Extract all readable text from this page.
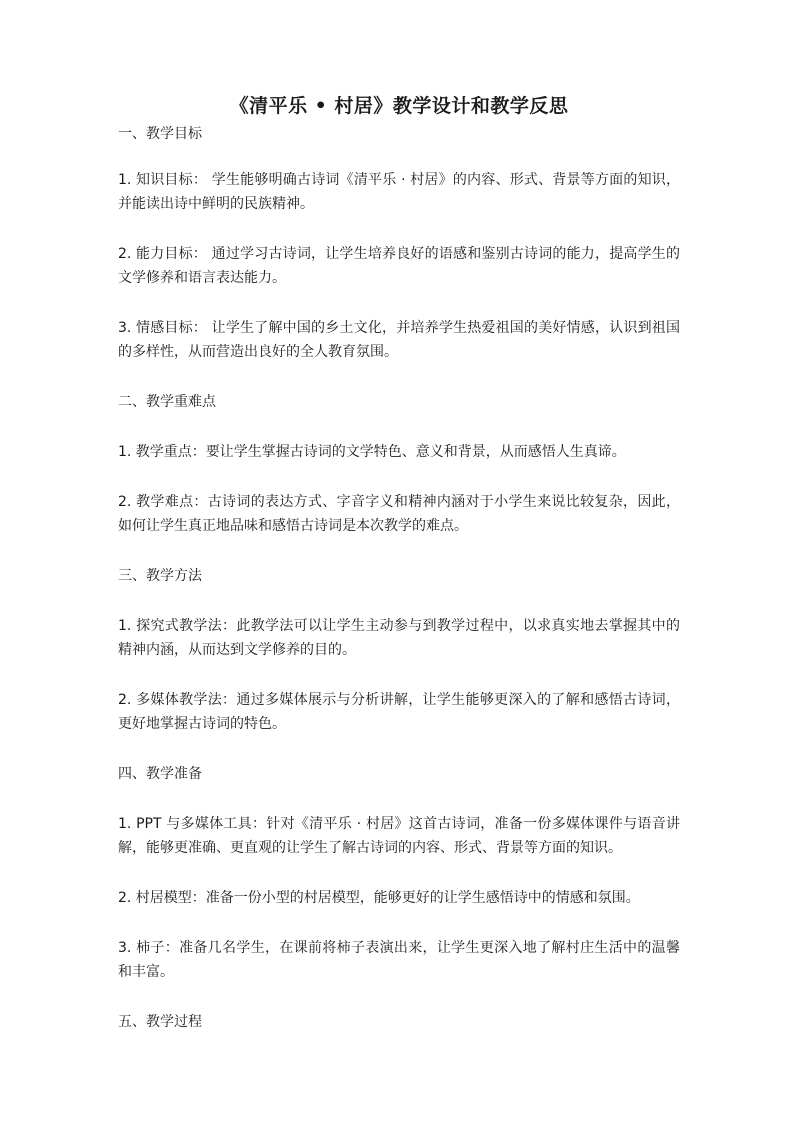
《清平乐 • 村居》教学设计和教学反思
一、教学目标
1. 知识目标： 学生能够明确古诗词《清平乐 · 村居》的内容、形式、背景等方面的知识，并能读出诗中鲜明的民族精神。
2. 能力目标： 通过学习古诗词，让学生培养良好的语感和鉴别古诗词的能力，提高学生的文学修养和语言表达能力。
3. 情感目标： 让学生了解中国的乡土文化，并培养学生热爱祖国的美好情感，认识到祖国的多样性，从而营造出良好的全人教育氛围。
二、教学重难点
1. 教学重点：要让学生掌握古诗词的文学特色、意义和背景，从而感悟人生真谛。
2. 教学难点：古诗词的表达方式、字音字义和精神内涵对于小学生来说比较复杂，因此，如何让学生真正地品味和感悟古诗词是本次教学的难点。
三、教学方法
1. 探究式教学法：此教学法可以让学生主动参与到教学过程中，以求真实地去掌握其中的精神内涵，从而达到文学修养的目的。
2. 多媒体教学法：通过多媒体展示与分析讲解，让学生能够更深入的了解和感悟古诗词，更好地掌握古诗词的特色。
四、教学准备
1. PPT 与多媒体工具：针对《清平乐 · 村居》这首古诗词，准备一份多媒体课件与语音讲解，能够更准确、更直观的让学生了解古诗词的内容、形式、背景等方面的知识。
2. 村居模型：准备一份小型的村居模型，能够更好的让学生感悟诗中的情感和氛围。
3. 柿子：准备几名学生，在课前将柿子表演出来，让学生更深入地了解村庄生活中的温馨和丰富。
五、教学过程
